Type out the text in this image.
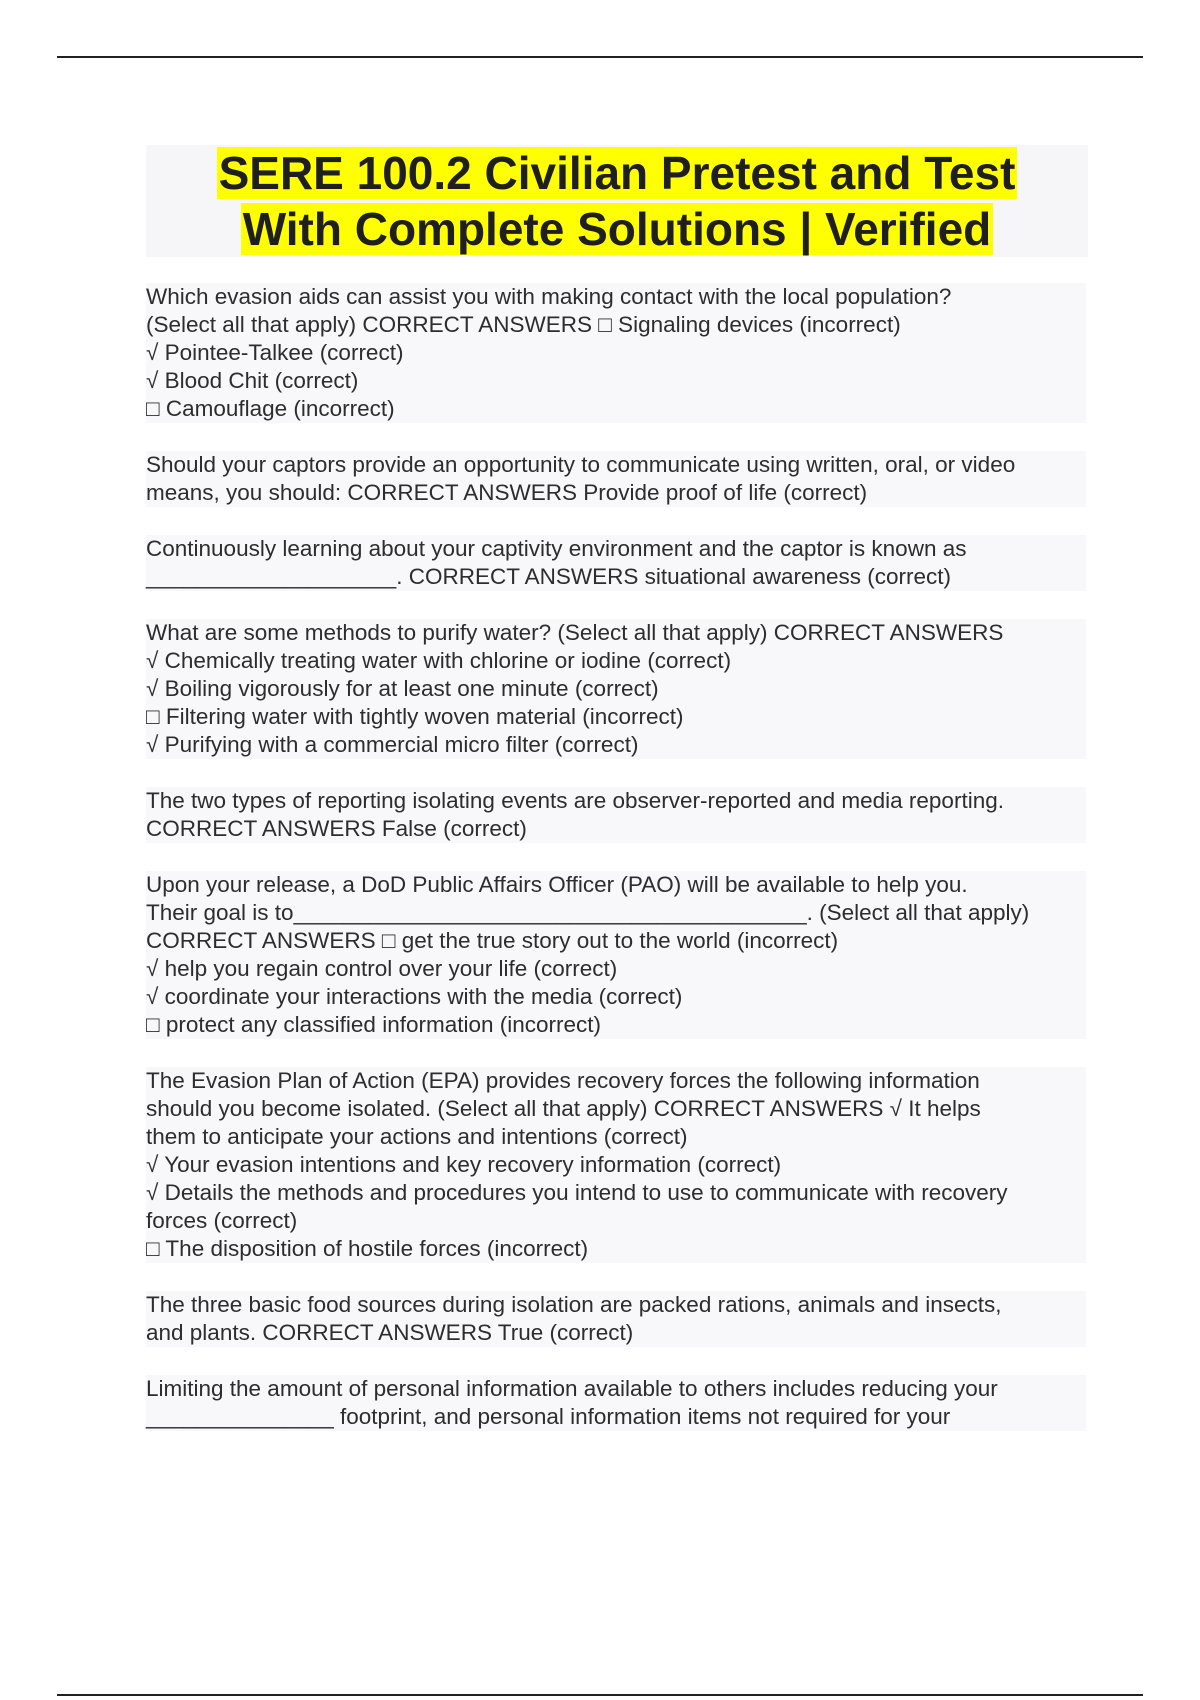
SERE 100.2 Civilian Pretest and Test
With Complete Solutions | Verified
Which evasion aids can assist you with making contact with the local population?
(Select all that apply) CORRECT ANSWERS □ Signaling devices (incorrect)
√ Pointee-Talkee (correct)
√ Blood Chit (correct)
□ Camouflage (incorrect)
Should your captors provide an opportunity to communicate using written, oral, or video
means, you should: CORRECT ANSWERS Provide proof of life (correct)
Continuously learning about your captivity environment and the captor is known as
____________________. CORRECT ANSWERS situational awareness (correct)
What are some methods to purify water? (Select all that apply) CORRECT ANSWERS
√ Chemically treating water with chlorine or iodine (correct)
√ Boiling vigorously for at least one minute (correct)
□ Filtering water with tightly woven material (incorrect)
√ Purifying with a commercial micro filter (correct)
The two types of reporting isolating events are observer-reported and media reporting.
CORRECT ANSWERS False (correct)
Upon your release, a DoD Public Affairs Officer (PAO) will be available to help you.
Their goal is to_________________________________________. (Select all that apply)
CORRECT ANSWERS □ get the true story out to the world (incorrect)
√ help you regain control over your life (correct)
√ coordinate your interactions with the media (correct)
□ protect any classified information (incorrect)
The Evasion Plan of Action (EPA) provides recovery forces the following information
should you become isolated. (Select all that apply) CORRECT ANSWERS √ It helps
them to anticipate your actions and intentions (correct)
√ Your evasion intentions and key recovery information (correct)
√ Details the methods and procedures you intend to use to communicate with recovery
forces (correct)
□ The disposition of hostile forces (incorrect)
The three basic food sources during isolation are packed rations, animals and insects,
and plants. CORRECT ANSWERS True (correct)
Limiting the amount of personal information available to others includes reducing your
_______________ footprint, and personal information items not required for your
